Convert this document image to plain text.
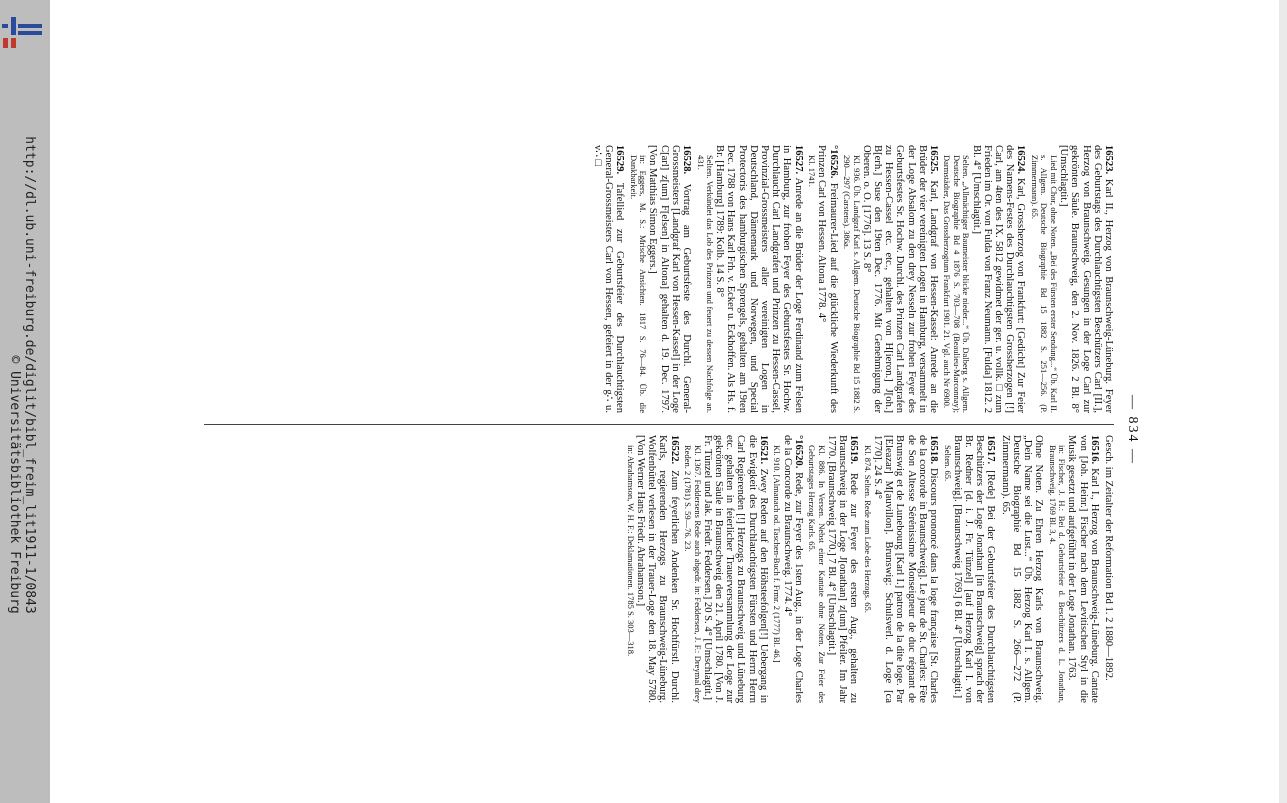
http://dl.ub.uni-freiburg.de/diglit/bibl_freim_lit1911-1/0843
© Universitätsbibliothek Freiburg	— 834 —

16523. Karl II., Herzog von Braunschweig-Lüneburg. Feyer des Geburtstags des Durchlauchtigsten Beschützers Carl [II.], Herzog von Braunschweig. Gesungen in der Loge Carl zur gekrönten Säule. Braunschweig, den 2. Nov. 1826. 2 Bl. 8° [Umschlagtit.]
Lied mit Chor, ohne Noten. „Bei des Fürsten erster Sendung...“ Üb. Karl II. s. Allgem. Deutsche Biographie Bd 15 1882 S. 251—256. (P. Zimmermann). 65.

16524. Karl, Grossherzog von Frankfurt: [Gedicht] Zur Feier des Namens-Festes des Durchlauchtigsten Grossherzogen [!] Carl, am 4ten des IX. 5812 gewidmet der ger. u. vollk. □ zum Frieden im Or. von Fulda von Franz Neumann. [Fulda] 1812. 2 Bl. 4° [Umschlagtit.]
Selten. „Allmächtiger Baumeister blicke nieder...“ Üb. Dalberg s. Allgem. Deutsche Biographie Bd 4 1876 S. 703—708 (Beaulieu-Marconnay); Darmstädter, Das Grossherzogtum Frankfurt 1901. 21. Vgl. auch Nr 6900.

16525. Karl, Landgraf von Hessen-Kassel: Anrede an die Brüder der vier vereinigten Logen in Hamburg, versammelt in der Loge Absalom zu den drey Nesseln zur frohen Feyer des Geburtsfestes Sr. Hochw. Durchl. des Prinzen Carl Landgrafen zu Hessen-Cassel etc. etc., gehalten von H[ieron.] J[oh.] B[erh.] Suse den 19ten Dec. 1776. Mit Genehmigung der Oberen. o. O. [1776]. 13 S. 8°
Kl. 936. Üb. Landgraf Karl s. Allgem. Deutsche Biographie Bd 15 1882 S. 290—297 (Carstens). 386a.

°16526. Freimaurer-Lied auf die glückliche Wiederkunft des Prinzen Carl von Hessen. Altona 1778. 4°
Kl. 1741.

16527. Anrede an die Brüder der Loge Ferdinand zum Felsen in Hamburg, zur frohen Feyer des Geburtsfestes Sr. Hochw. Durchlaucht Carl Landgrafen und Prinzen zu Hessen-Cassel, Provinzial-Grossmeisters aller vereinigten Logen in Deutschland, Dännemark und Norwegen, und Special Protectoris des hamburgischen Sprengels, gehalten am 19ten Dec. 1788 von Hans Karl Frh. v. Ecker u. Eckhoffen. Als Hs. f. Br. [Hamburg] 1789: Kolb. 14 S. 8°
Selten. Verkündet das Lob des Prinzen und feuert zu dessen Nachfolge an. 431.

16528. Vortrag am Geburtsfeste des Durchl. General-Grossmeisters [Landgraf Karl von Hessen-Kassel] in der Loge C[arl] z[um] F[elsen] in Altona] gehalten d. 19. Dec. 1797. [Von Matthias Simon Eggers.]
in: Eggers, M. S.: Mrische Ansichten. 1817 S. 76—84. Üb. die Dankbarkeit.

16529. Tafellied zur Geburtsfeier des Durchlauchtigsten General-Grossmeisters Carl von Hessen, gefeiert in der g∴ u. v∴ □

Gesch. im Zeitalter der Reformation Bd 1. 2 1880—1892.

16516. Karl I., Herzog von Braunschweig-Lüneburg. Cantate von [Joh. Heinr.] Fischer nach dem Levitischen Styl in die Musik gesetzt und aufgeführt in der Loge Jonathan. 1763.
in: Fischer, J. H.: Bei d. Geburtsfeier d. Beschützers d. L. Jonathan, Braunschweig. 1769 Bl. 3, 4.

Ohne Noten. Zu Ehren Herzog Karls von Braunschweig. „Dein Name sei die Lust...“ Üb. Herzog Karl I. s. Allgem. Deutsche Biographie Bd 15 1882 S. 266—272 (P. Zimmermann). 65.

16517. [Rede] Bei der Geburtsfeier des Durchlauchtigsten Beschützers der Loge Jonathan [in Braunschweig] sprach der Br. Redner [d. i. J. Fr. Tünzel] [auf Herzog Karl I. von Braunschweig]. [Braunschweig 1769.] 6 Bl. 4° [Umschlagtit.]
Selten. 65.

16518. Discours prononcé dans la loge française [St. Charles de la concorde in Braunschweig]. Le jour de St. Charles: Fête de Son Altesse Sérénissime Monseigneur de duc régnant de Brunswig et de Lunebourg [Karl I.] patron de la dite loge. Par [Eleazar] M[auvillon]. Brunswig: Schulsverl. d. Loge [ca 1770]. 24 S. 4°
Kl. 874. Selten. Rede zum Lobe des Herzogs. 65.

16519. Rede zur Feyer des ersten Aug., gehalten zu Braunschweig in der Loge J[onathan] z[um] Pfeiler. Im Jahr 1770. [Braunschweig 1770.] 7 Bl. 4° [Umschlagtit.]
Kl. 886. In Versen. Nebst einer Kantate ohne Noten. Zur Feier des Geburtstages Herzog Karls. 65.

°16520. Rede, zur Feyer des 1sten Aug., in der Loge Charles de la Concorde zu Braunschweig. 1774. 4°
Kl. 910. [Almanach od. Taschen-Buch f. Frmr. 2 (1777) Bl. 46.]

16521. Zwey Reden auf den Höhsteefolgen[!] Uebergang in die Ewigkeit des Durchlauchtigsten Fürsten und Herrn Herrn Carl Regierenden [!] Herzogs zu Braunschweig und Lüneburg etc. gehalten in feierlicher Trauerversammlung der Loge zur gekrönten Säule in Braunschweig den 21. April 1780. [Von J. Fr. Tünzel und Jak. Friedr. Feddersen.] 20 S. 4° [Umschlagtit.]
Kl. 1367. Feddersens Rede auch abgedr. in: Feddersen, J. F.: Dreymal drey Reden. 2 (1781) S. 59—76. 23.

16522. Zum feyerlichen Andenken Sr. Hochfürstl. Durchl. Karls, regierenden Herzogs zu Braunschweig-Lüneburg. Wolfenbüttel verlesen in der Trauer-Loge den 18. May 5780. [Von Werner Hans Friedr. Abrahamson.]
in: Abrahamson, W. H. F.: Deklamationen. 1785 S. 303—318.
